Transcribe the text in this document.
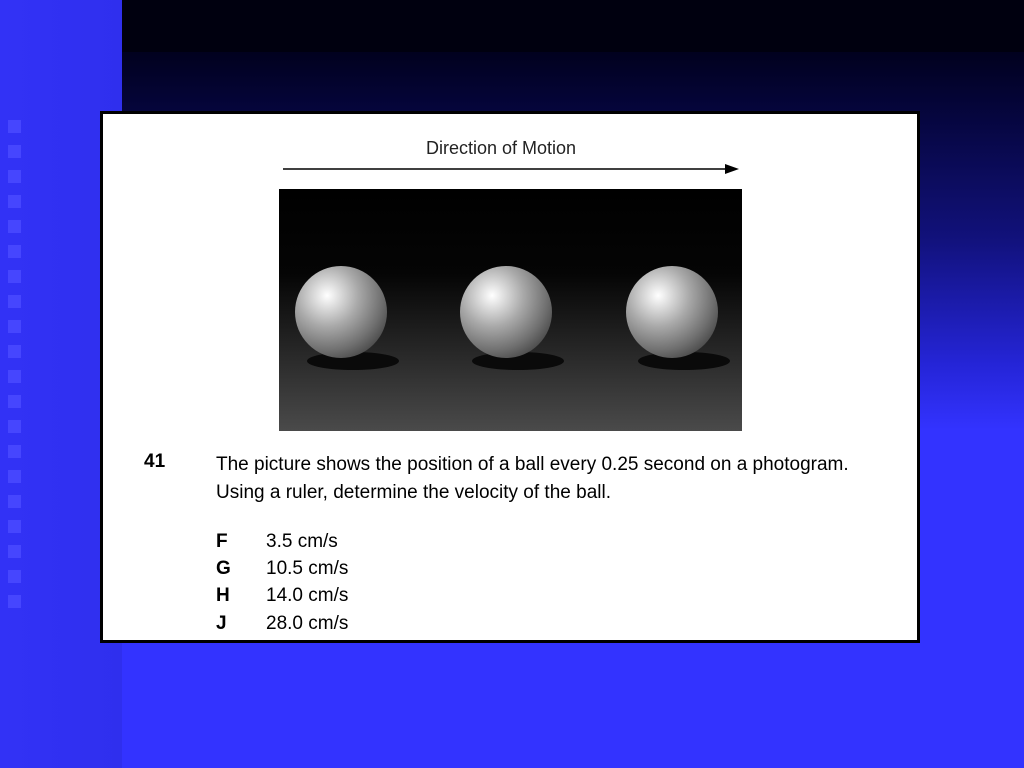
Direction of Motion
41	The picture shows the position of a ball every 0.25 second on a photogram. Using a ruler, determine the velocity of the ball.
F 3.5 cm/s
G 10.5 cm/s
H 14.0 cm/s
J 28.0 cm/s
